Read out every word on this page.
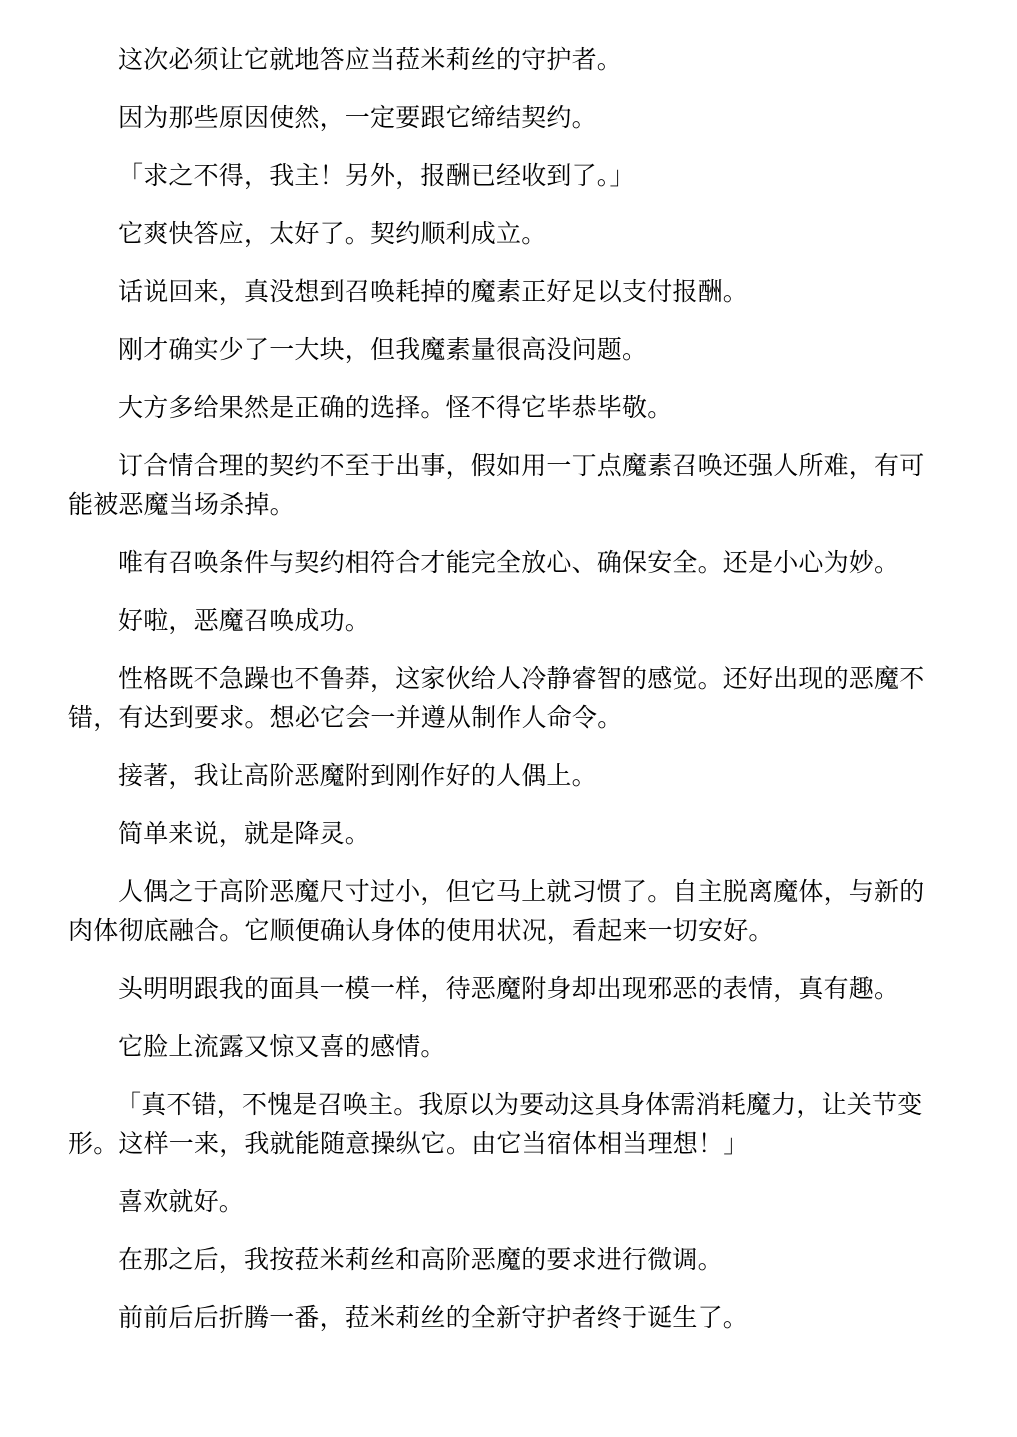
这次必须让它就地答应当菈米莉丝的守护者。

因为那些原因使然，一定要跟它缔结契约。

「求之不得，我主！另外，报酬已经收到了。」

它爽快答应，太好了。契约顺利成立。

话说回来，真没想到召唤耗掉的魔素正好足以支付报酬。

刚才确实少了一大块，但我魔素量很高没问题。

大方多给果然是正确的选择。怪不得它毕恭毕敬。

订合情合理的契约不至于出事，假如用一丁点魔素召唤还强人所难，有可能被恶魔当场杀掉。

唯有召唤条件与契约相符合才能完全放心、确保安全。还是小心为妙。

好啦，恶魔召唤成功。

性格既不急躁也不鲁莽，这家伙给人冷静睿智的感觉。还好出现的恶魔不错，有达到要求。想必它会一并遵从制作人命令。

接著，我让高阶恶魔附到刚作好的人偶上。

简单来说，就是降灵。

人偶之于高阶恶魔尺寸过小，但它马上就习惯了。自主脱离魔体，与新的肉体彻底融合。它顺便确认身体的使用状况，看起来一切安好。

头明明跟我的面具一模一样，待恶魔附身却出现邪恶的表情，真有趣。

它脸上流露又惊又喜的感情。

「真不错，不愧是召唤主。我原以为要动这具身体需消耗魔力，让关节变形。这样一来，我就能随意操纵它。由它当宿体相当理想！」

喜欢就好。

在那之后，我按菈米莉丝和高阶恶魔的要求进行微调。

前前后后折腾一番，菈米莉丝的全新守护者终于诞生了。
